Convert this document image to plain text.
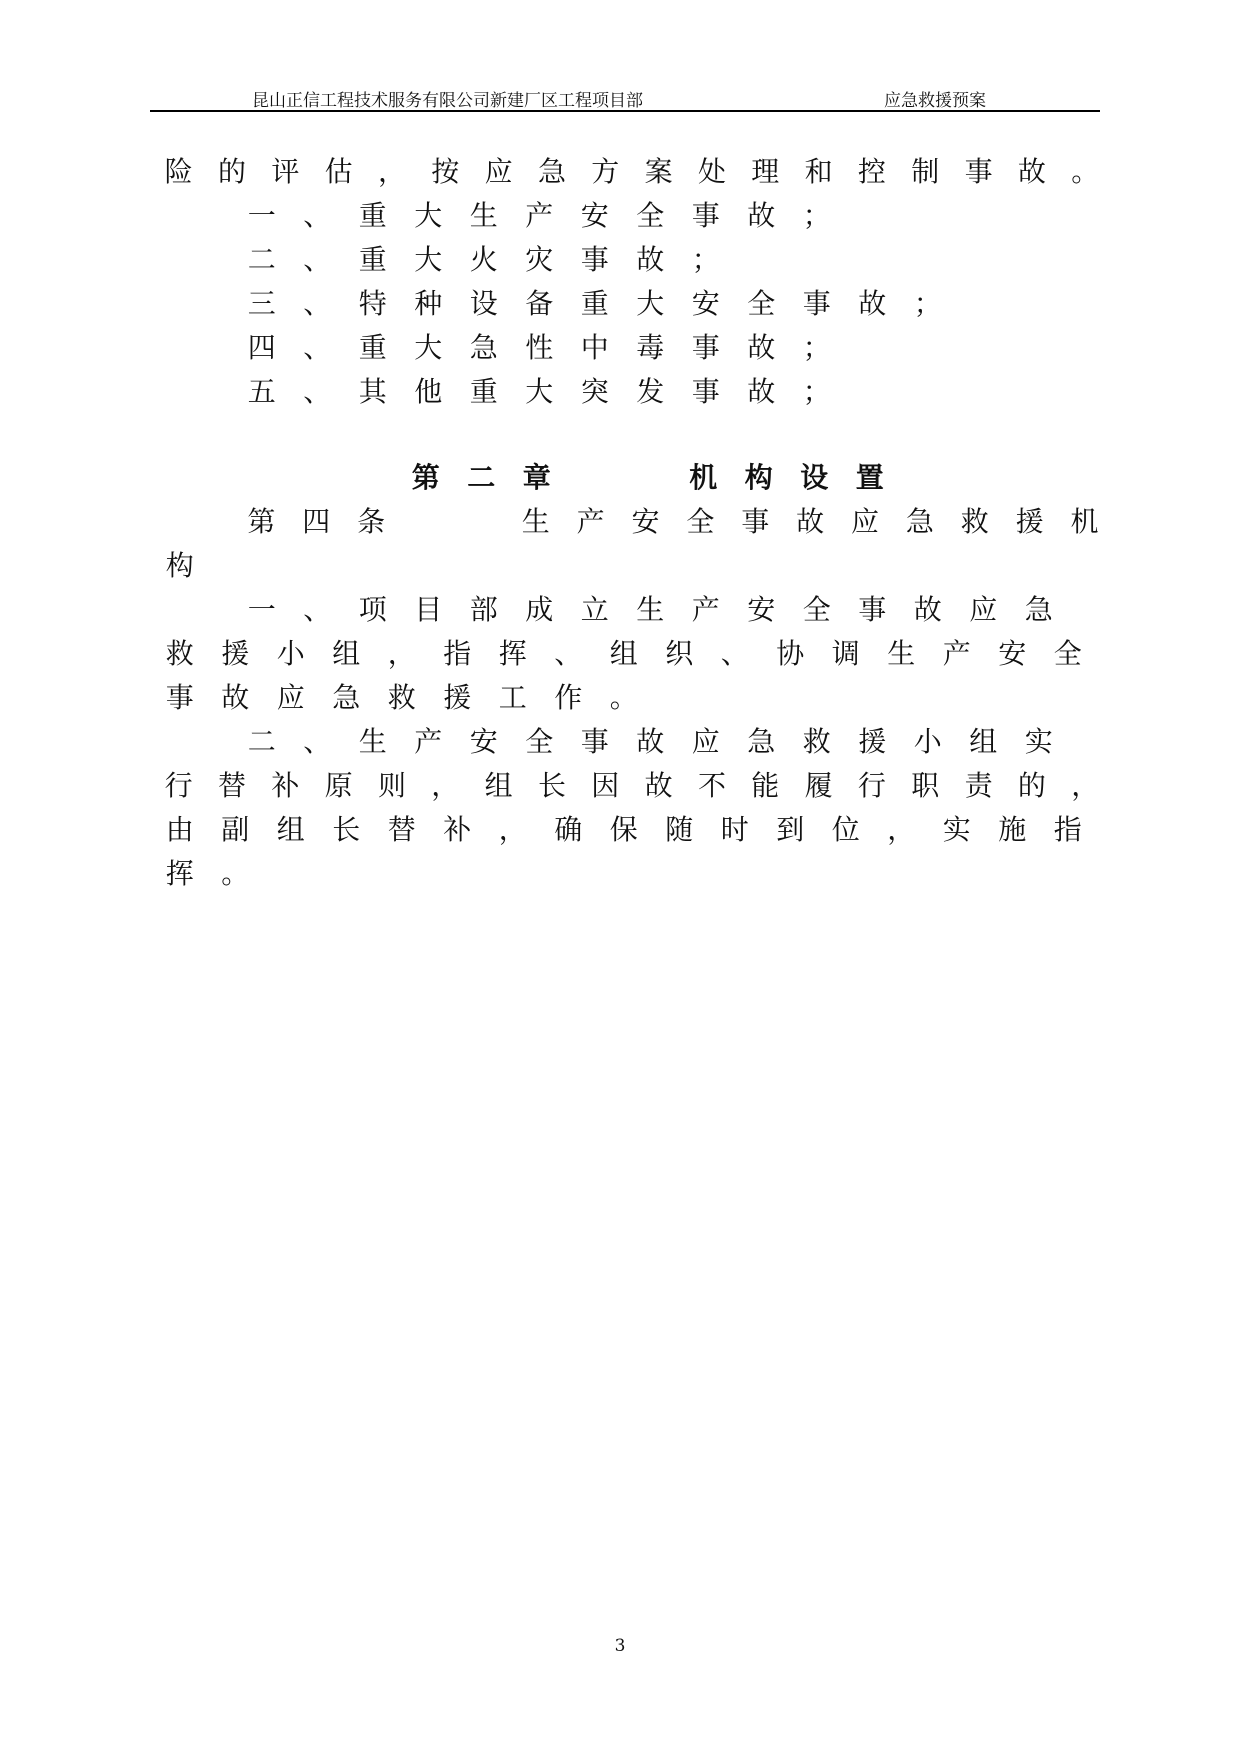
昆山正信工程技术服务有限公司新建厂区工程项目部	应急救援预案
险 的 评 估 ， 按 应 急 方 案 处 理 和 控 制 事 故 。
一 、 重 大 生 产 安 全 事 故 ；
二 、 重 大 火 灾 事 故 ；
三 、 特 种 设 备 重 大 安 全 事 故 ；
四 、 重 大 急 性 中 毒 事 故 ；
五 、 其 他 重 大 突 发 事 故 ；
第 二 章

　	机 构 设 置
第 四 条

　	生 产 安 全 事 故 应 急 救 援 机
构
一 、 项 目 部 成 立 生 产 安 全 事 故 应 急
救 援 小 组 ， 指 挥 、 组 织 、 协 调 生 产 安 全
事 故 应 急 救 援 工 作 。
二 、 生 产 安 全 事 故 应 急 救 援 小 组 实
行 替 补 原 则 ， 组 长 因 故 不 能 履 行 职 责 的 ，
由 副 组 长 替 补 ， 确 保 随 时 到 位 ， 实 施 指
挥 。
3
